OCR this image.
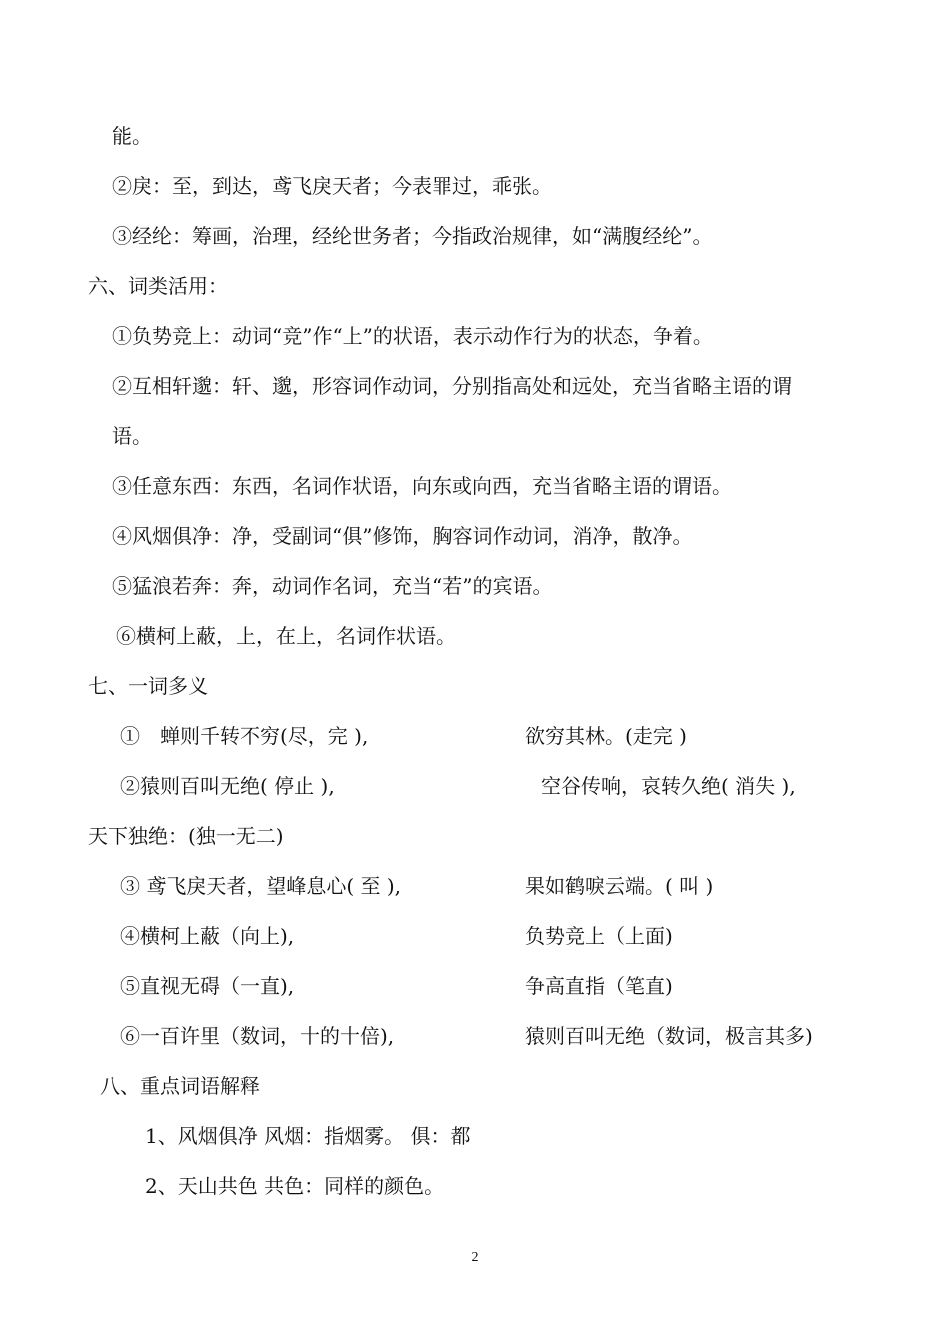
能。
②戾：至，到达，鸢飞戾天者；今表罪过，乖张。
③经纶：筹画，治理，经纶世务者；今指政治规律，如“满腹经纶”。
六、词类活用：
①负势竞上：动词“竞”作“上”的状语，表示动作行为的状态，争着。
②互相轩邈：轩、邈，形容词作动词，分别指高处和远处，充当省略主语的谓
语。
③任意东西：东西，名词作状语，向东或向西，充当省略主语的谓语。
④风烟俱净：净，受副词“俱”修饰，胸容词作动词，消净，散净。
⑤猛浪若奔：奔，动词作名词，充当“若”的宾语。
⑥横柯上蔽，上，在上，名词作状语。
七、一词多义
①　蝉则千转不穷(尽，完 ),	欲穷其林。(走完 )
②猿则百叫无绝( 停止 ),	空谷传响，哀转久绝( 消失 ),
天下独绝：(独一无二)
③ 鸢飞戾天者，望峰息心( 至 ),	果如鹤唳云端。( 叫 )
④横柯上蔽（向上),	负势竞上（上面)
⑤直视无碍（一直),	争高直指（笔直)
⑥一百许里（数词，十的十倍),	猿则百叫无绝（数词，极言其多)
八、重点词语解释
1、风烟俱净 风烟：指烟雾。 俱：都
2、天山共色 共色：同样的颜色。
2
